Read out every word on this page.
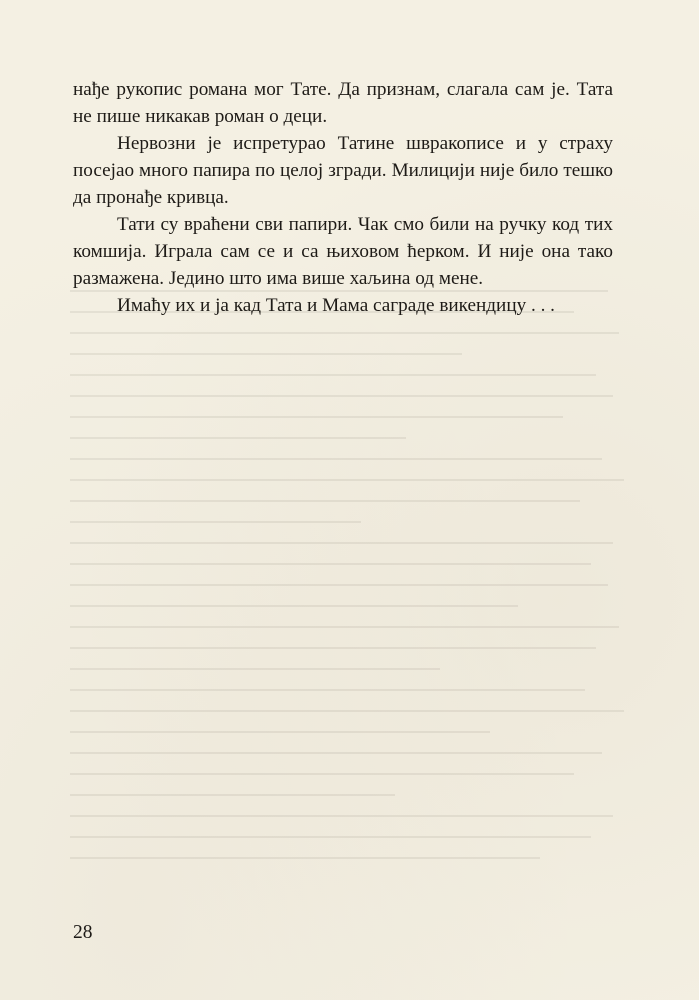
нађе рукопис романа мог Тате. Да признам, слагала сам је. Тата не пише никакав роман о деци.

Нервозни је испретурао Татине швракописе и у страху посејао много папира по целој згради. Милицији није било тешко да пронађе кривца.

Тати су враћени сви папири. Чак смо били на ручку код тих комшија. Играла сам се и са њиховом ћерком. И није она тако размажена. Једино што има више хаљина од мене.

Имаћу их и ја кад Тата и Мама саграде викендицу . . .

28
